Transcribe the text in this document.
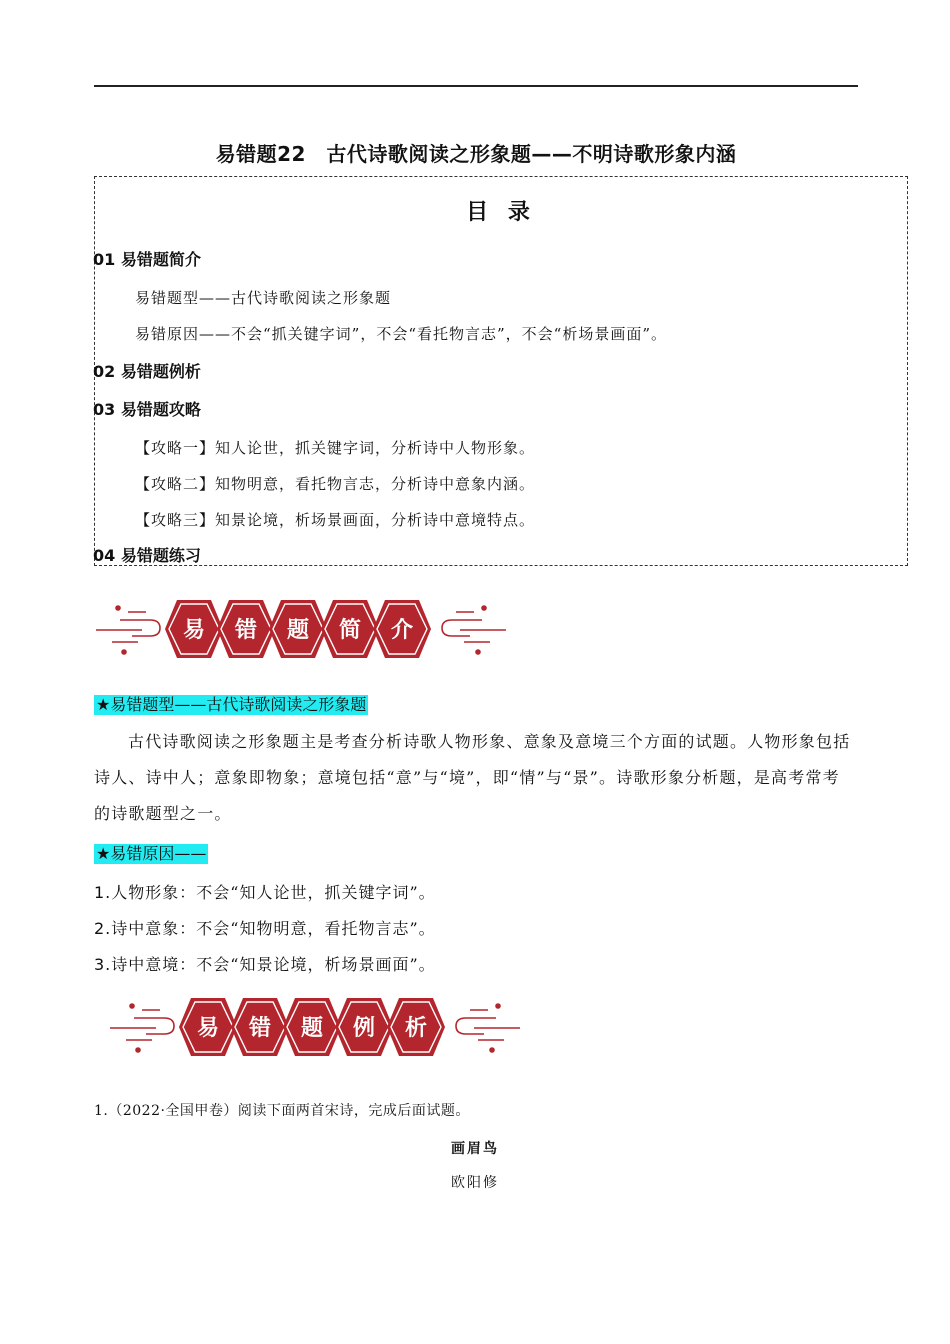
易错题22　古代诗歌阅读之形象题——不明诗歌形象内涵
目 录
01 易错题简介
易错题型——古代诗歌阅读之形象题
易错原因——不会“抓关键字词”，不会“看托物言志”，不会“析场景画面”。
02 易错题例析
03 易错题攻略
【攻略一】知人论世，抓关键字词，分析诗中人物形象。
【攻略二】知物明意，看托物言志，分析诗中意象内涵。
【攻略三】知景论境，析场景画面，分析诗中意境特点。
04 易错题练习
易 错 题 简 介
★易错题型——古代诗歌阅读之形象题
古代诗歌阅读之形象题主是考查分析诗歌人物形象、意象及意境三个方面的试题。人物形象包括诗人、诗中人；意象即物象；意境包括“意”与“境”，即“情”与“景”。诗歌形象分析题，是高考常考的诗歌题型之一。
★易错原因——
1.人物形象：不会“知人论世，抓关键字词”。
2.诗中意象：不会“知物明意，看托物言志”。
3.诗中意境：不会“知景论境，析场景画面”。
易 错 题 例 析
1.（2022·全国甲卷）阅读下面两首宋诗，完成后面试题。
画眉鸟
欧阳修
